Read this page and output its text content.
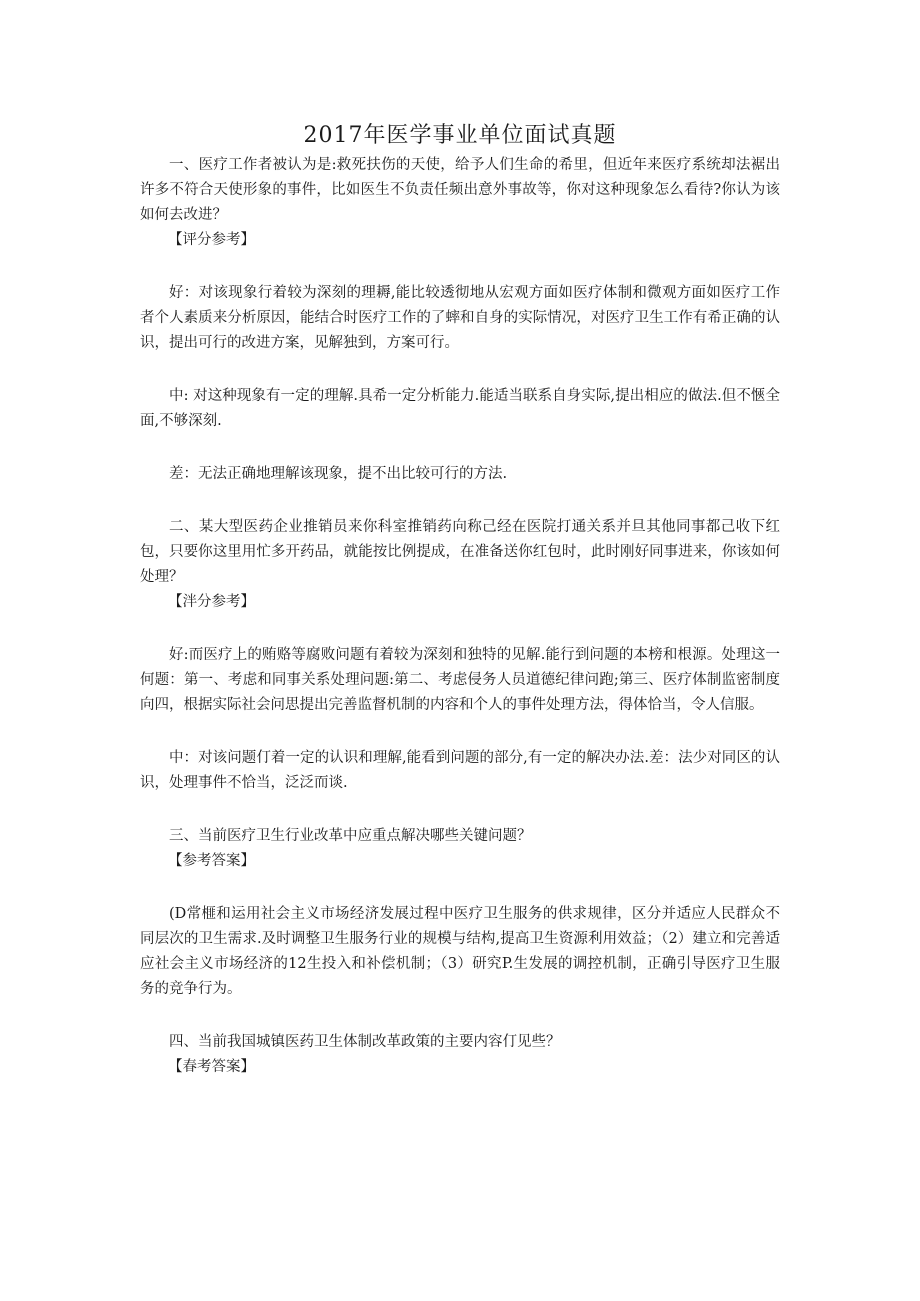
2017年医学事业单位面试真题

一、医疗工作者被认为是:救死扶伤的天使，给予人们生命的希里，但近年来医疗系统却法裾出许多不符合天使形象的事件，比如医生不负责任频出意外事故等，你对这种现象怎么看待?你认为该如何去改进？

【评分参考】

好：对该现象行着较为深刻的理耨,能比较透彻地从宏观方面如医疗体制和微观方面如医疗工作者个人素质来分析原因，能结合时医疗工作的了蟀和自身的实际情况，对医疗卫生工作有希正确的认识，提出可行的改进方案，见解独到，方案可行。

中: 对这种现象有一定的理解.具希一定分析能力.能适当联系自身实际,提出相应的做法.但不愜全面,不够深刻.

差：无法正确地理解该现象，提不出比较可行的方法.

二、某大型医药企业推销员来你科室推销药向称己经在医院打通关系并旦其他同事都己收下红包，只要你这里用忙多开药品，就能按比例提成，在准备送你红包时，此时刚好同事进来，你该如何处理？

【泮分参考】

好:而医疗上的贿赂等腐败问题有着较为深刻和独特的见解.能行到问题的本榜和根源。处理这一何题：第一、考虑和同事关系处理问题:第二、考虑侵务人员道德纪律问跑;第三、医疗体制监密制度向四，根据实际社会问思提出完善监督机制的内容和个人的事件处理方法，得体恰当，令人信服。

中：对该问题仃着一定的认识和理解,能看到问题的部分,有一定的解决办法.差：法少对同区的认识，处理事件不恰当，泛泛而谈.

三、当前医疗卫生行业改革中应重点解决哪些关键问题？

【参考答案】

(D常榧和运用社会主义市场经济发展过程中医疗卫生服务的供求规律，区分并适应人民群众不同层次的卫生需求.及时调整卫生服务行业的规模与结构,提高卫生资源利用效益；（2）建立和完善适应社会主义市场经济的12生投入和补偿机制；（3）研究P.生发展的调控机制，正确引导医疗卫生服务的竞争行为。

四、当前我国城镇医药卫生体制改革政策的主要内容仃见些？

【春考答案】
